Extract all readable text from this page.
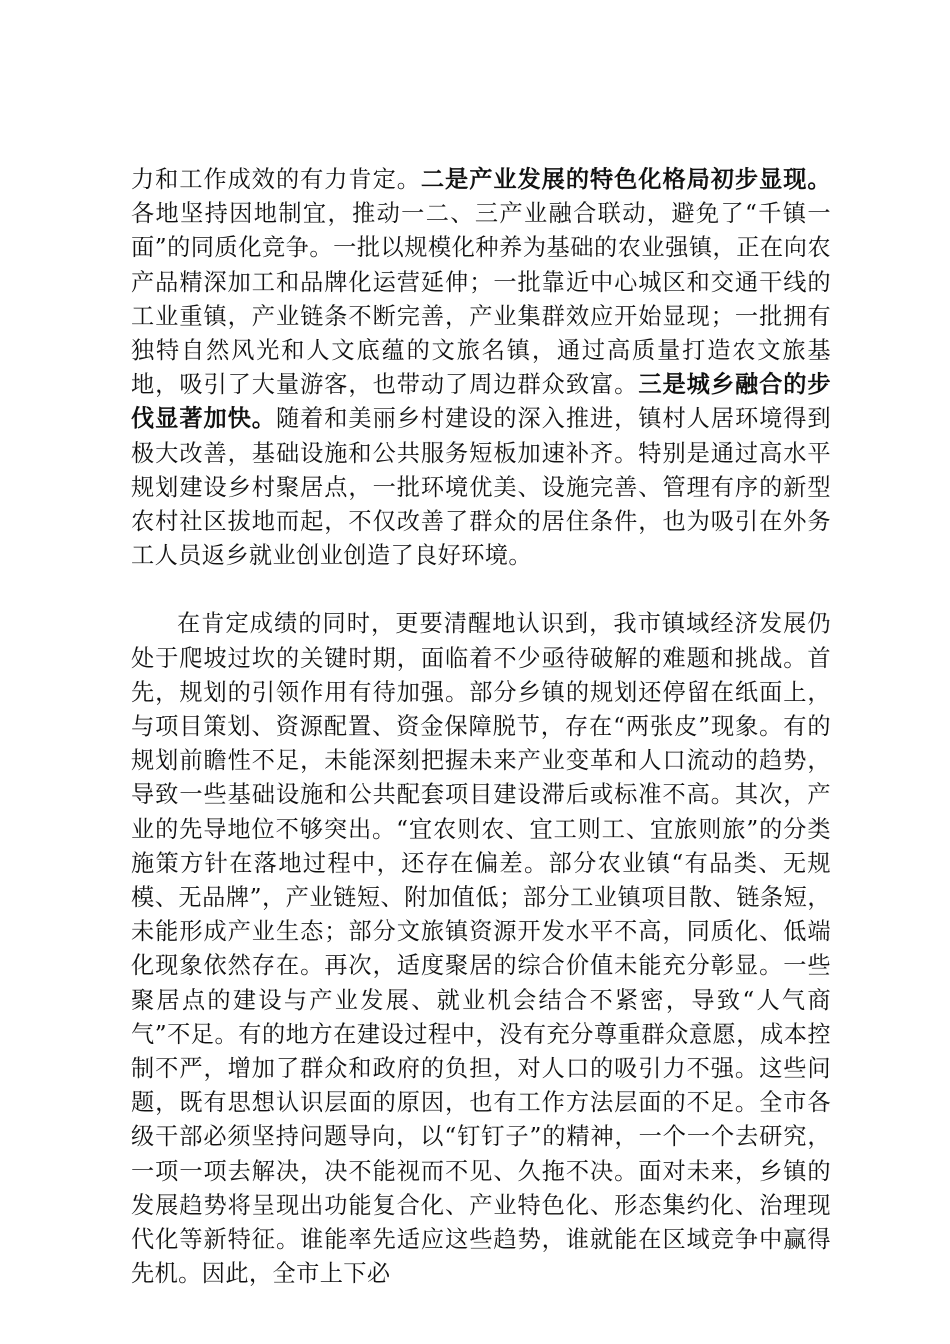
力和工作成效的有力肯定。二是产业发展的特色化格局初步显现。各地坚持因地制宜，推动一二、三产业融合联动，避免了“千镇一面”的同质化竞争。一批以规模化种养为基础的农业强镇，正在向农产品精深加工和品牌化运营延伸；一批靠近中心城区和交通干线的工业重镇，产业链条不断完善，产业集群效应开始显现；一批拥有独特自然风光和人文底蕴的文旅名镇，通过高质量打造农文旅基地，吸引了大量游客，也带动了周边群众致富。三是城乡融合的步伐显著加快。随着和美丽乡村建设的深入推进，镇村人居环境得到极大改善，基础设施和公共服务短板加速补齐。特别是通过高水平规划建设乡村聚居点，一批环境优美、设施完善、管理有序的新型农村社区拔地而起，不仅改善了群众的居住条件，也为吸引在外务工人员返乡就业创业创造了良好环境。

在肯定成绩的同时，更要清醒地认识到，我市镇域经济发展仍处于爬坡过坎的关键时期，面临着不少亟待破解的难题和挑战。首先，规划的引领作用有待加强。部分乡镇的规划还停留在纸面上，与项目策划、资源配置、资金保障脱节，存在“两张皮”现象。有的规划前瞻性不足，未能深刻把握未来产业变革和人口流动的趋势，导致一些基础设施和公共配套项目建设滞后或标准不高。其次，产业的先导地位不够突出。“宜农则农、宜工则工、宜旅则旅”的分类施策方针在落地过程中，还存在偏差。部分农业镇“有品类、无规模、无品牌”，产业链短、附加值低；部分工业镇项目散、链条短，未能形成产业生态；部分文旅镇资源开发水平不高，同质化、低端化现象依然存在。再次，适度聚居的综合价值未能充分彰显。一些聚居点的建设与产业发展、就业机会结合不紧密，导致“人气商气”不足。有的地方在建设过程中，没有充分尊重群众意愿，成本控制不严，增加了群众和政府的负担，对人口的吸引力不强。这些问题，既有思想认识层面的原因，也有工作方法层面的不足。全市各级干部必须坚持问题导向，以“钉钉子”的精神，一个一个去研究，一项一项去解决，决不能视而不见、久拖不决。面对未来，乡镇的发展趋势将呈现出功能复合化、产业特色化、形态集约化、治理现代化等新特征。谁能率先适应这些趋势，谁就能在区域竞争中赢得先机。因此，全市上下必
